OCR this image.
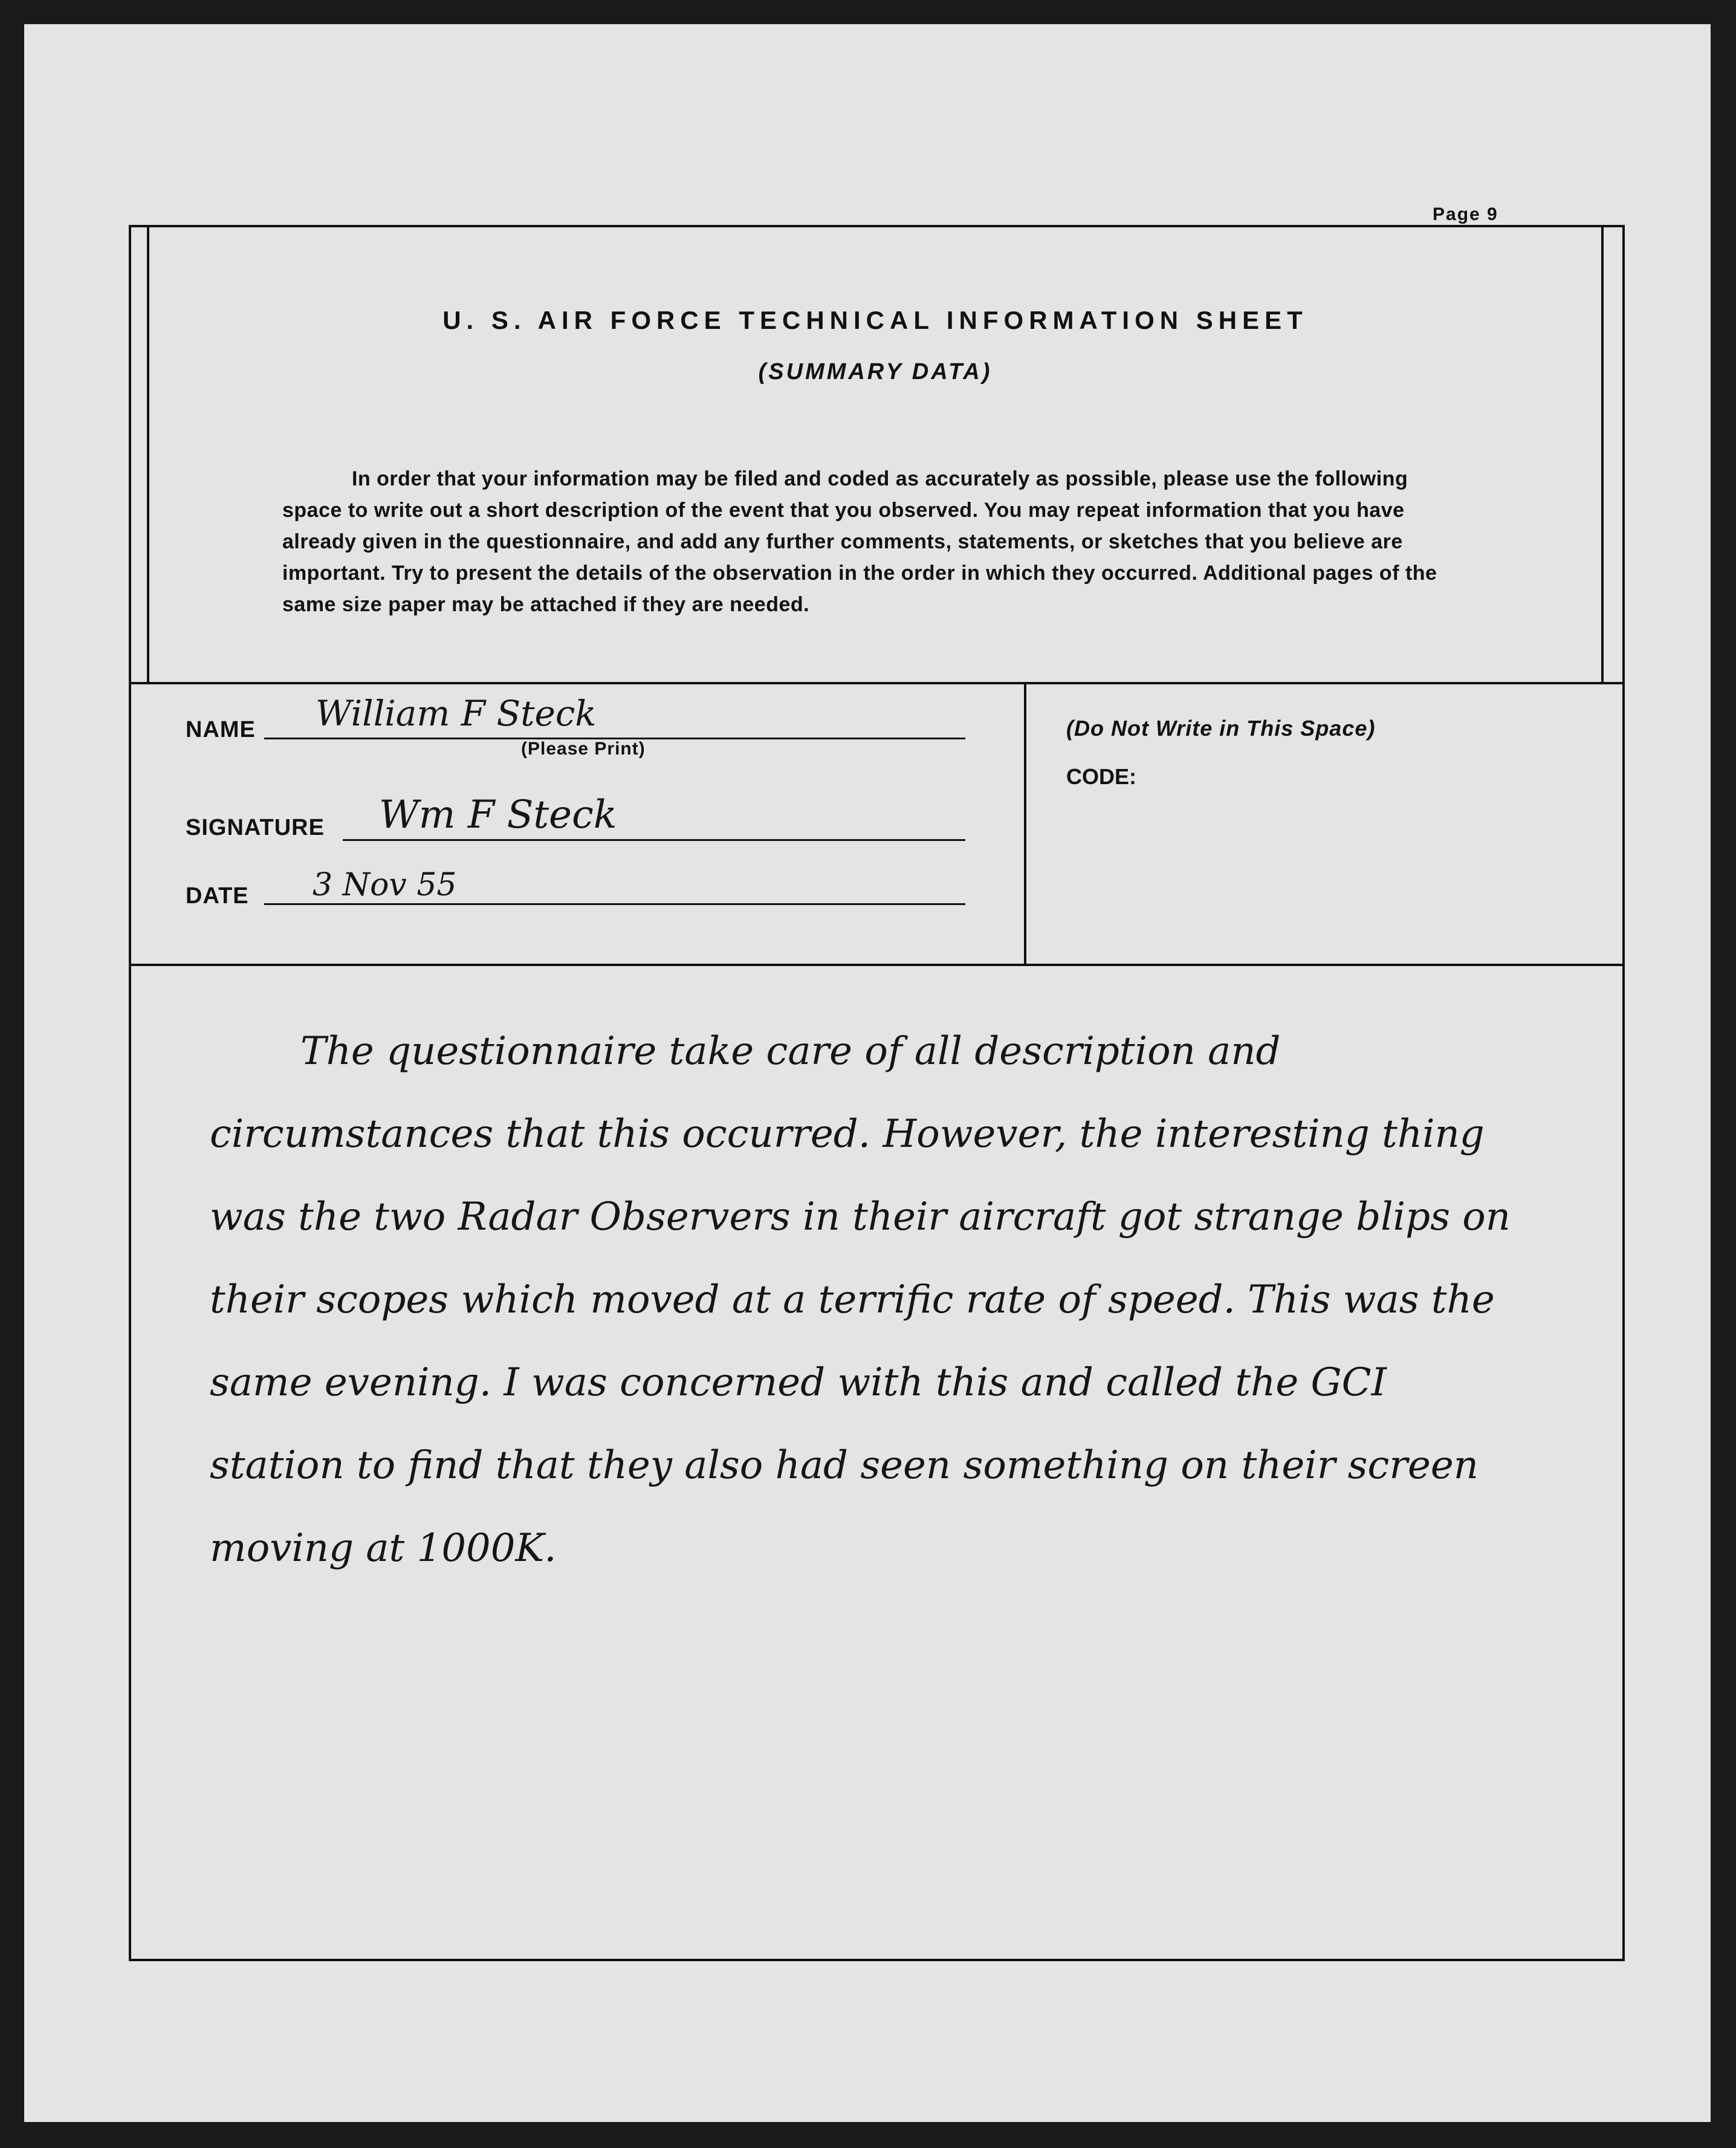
Page 9
U. S. AIR FORCE TECHNICAL INFORMATION SHEET
(SUMMARY DATA)
In order that your information may be filed and coded as accurately as possible, please use the following space to write out a short description of the event that you observed. You may repeat information that you have already given in the questionnaire, and add any further comments, statements, or sketches that you believe are important. Try to present the details of the observation in the order in which they occurred. Additional pages of the same size paper may be attached if they are needed.
NAME William F Steck
(Please Print)
SIGNATURE Wm F Steck
DATE 3 Nov 55
(Do Not Write in This Space)
CODE:
The questionnaire take care of all description and circumstances that this occurred. However, the interesting thing was the two Radar Observers in their aircraft got strange blips on their scopes which moved at a terrific rate of speed. This was the same evening. I was concerned with this and called the GCI station to find that they also had seen something on their screen moving at 1000K.
